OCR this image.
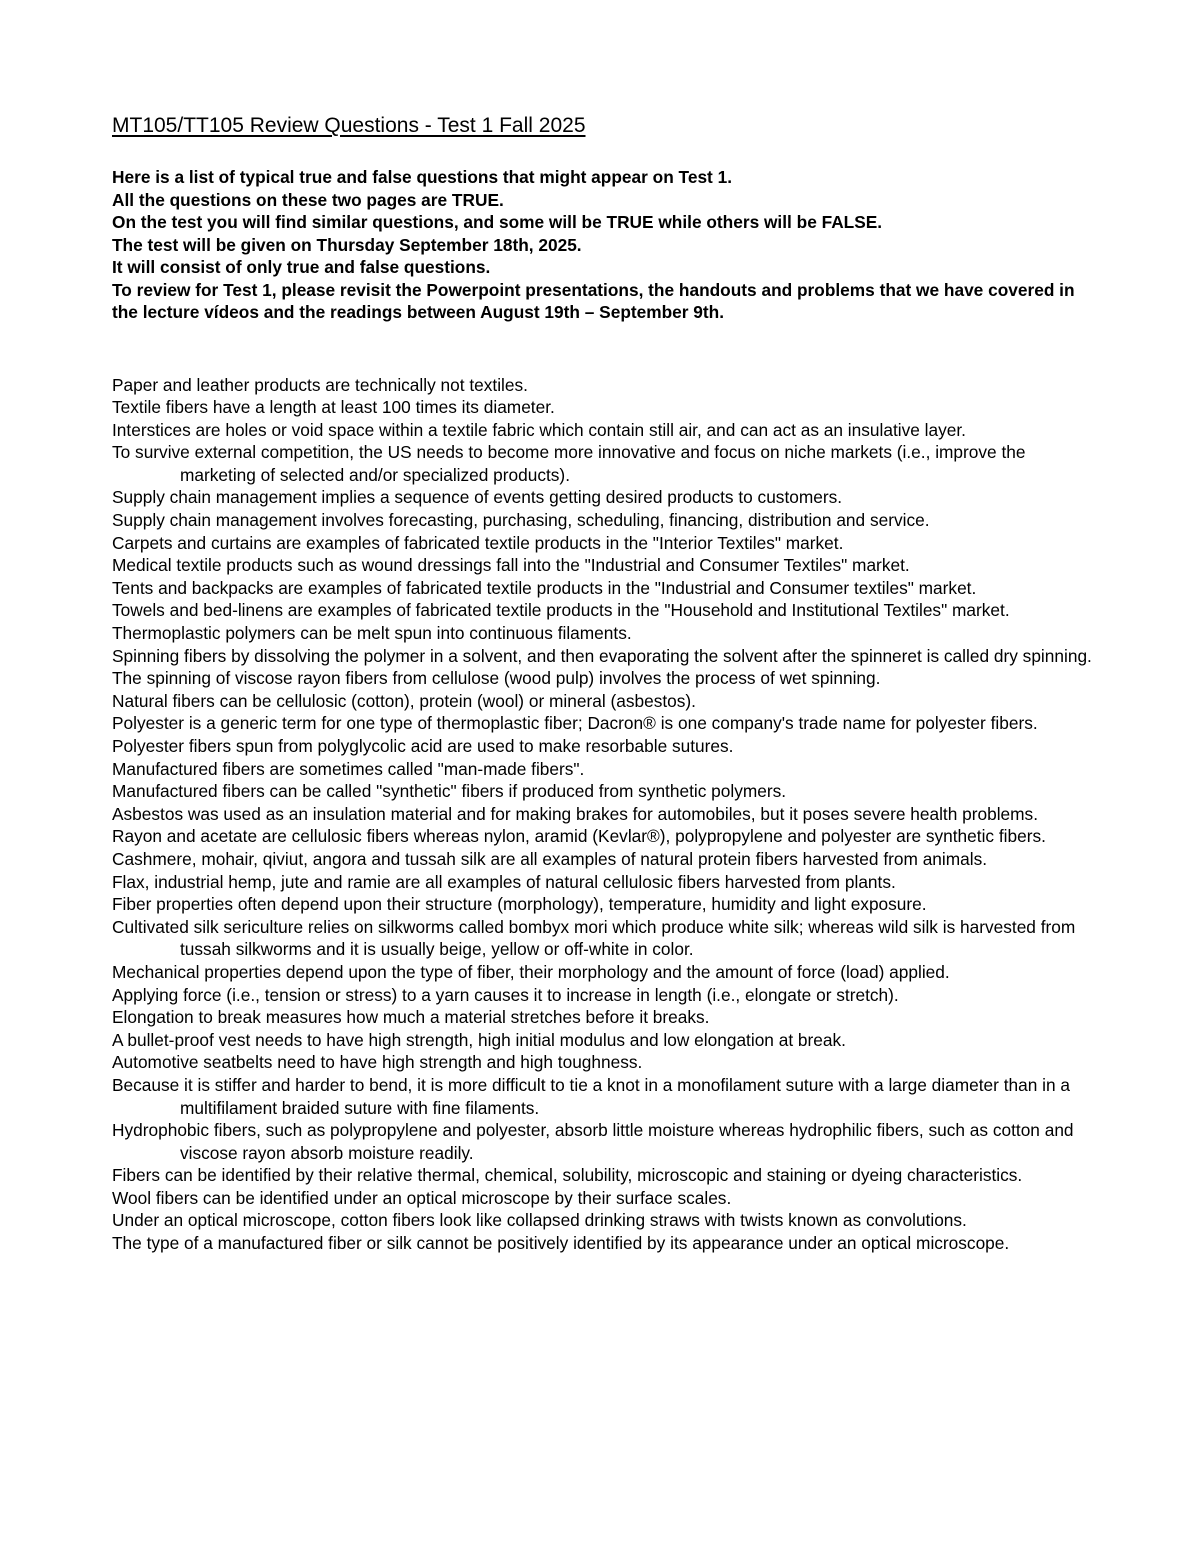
MT105/TT105 Review Questions - Test 1 Fall 2025
Here is a list of typical true and false questions that might appear on Test 1.
All the questions on these two pages are TRUE.
On the test you will find similar questions, and some will be TRUE while others will be FALSE.
The test will be given on Thursday September 18th, 2025.
It will consist of only true and false questions.
To review for Test 1, please revisit the Powerpoint presentations, the handouts and problems that we have covered in the lecture vídeos and the readings between August 19th – September 9th.
Paper and leather products are technically not textiles.
Textile fibers have a length at least 100 times its diameter.
Interstices are holes or void space within a textile fabric which contain still air, and can act as an insulative layer.
To survive external competition, the US needs to become more innovative and focus on niche markets (i.e., improve the marketing of selected and/or specialized products).
Supply chain management implies a sequence of events getting desired products to customers.
Supply chain management involves forecasting, purchasing, scheduling, financing, distribution and service.
Carpets and curtains are examples of fabricated textile products in the "Interior Textiles" market.
Medical textile products such as wound dressings fall into the "Industrial and Consumer Textiles" market.
Tents and backpacks are examples of fabricated textile products in the "Industrial and Consumer textiles" market.
Towels and bed-linens are examples of fabricated textile products in the "Household and Institutional Textiles" market.
Thermoplastic polymers can be melt spun into continuous filaments.
Spinning fibers by dissolving the polymer in a solvent, and then evaporating the solvent after the spinneret is called dry spinning.
The spinning of viscose rayon fibers from cellulose (wood pulp) involves the process of wet spinning.
Natural fibers can be cellulosic (cotton), protein (wool) or mineral (asbestos).
Polyester is a generic term for one type of thermoplastic fiber; Dacron® is one company's trade name for polyester fibers.
Polyester fibers spun from polyglycolic acid are used to make resorbable sutures.
Manufactured fibers are sometimes called "man-made fibers".
Manufactured fibers can be called "synthetic" fibers if produced from synthetic polymers.
Asbestos was used as an insulation material and for making brakes for automobiles, but it poses severe health problems.
Rayon and acetate are cellulosic fibers whereas nylon, aramid (Kevlar®), polypropylene and polyester are synthetic fibers.
Cashmere, mohair, qiviut, angora and tussah silk are all examples of natural protein fibers harvested from animals.
Flax, industrial hemp, jute and ramie are all examples of natural cellulosic fibers harvested from plants.
Fiber properties often depend upon their structure (morphology), temperature, humidity and light exposure.
Cultivated silk sericulture relies on silkworms called bombyx mori which produce white silk; whereas wild silk is harvested from tussah silkworms and it is usually beige, yellow or off-white in color.
Mechanical properties depend upon the type of fiber, their morphology and the amount of force (load) applied.
Applying force (i.e., tension or stress) to a yarn causes it to increase in length (i.e., elongate or stretch).
Elongation to break measures how much a material stretches before it breaks.
A bullet-proof vest needs to have high strength, high initial modulus and low elongation at break.
Automotive seatbelts need to have high strength and high toughness.
Because it is stiffer and harder to bend, it is more difficult to tie a knot in a monofilament suture with a large diameter than in a multifilament braided suture with fine filaments.
Hydrophobic fibers, such as polypropylene and polyester, absorb little moisture whereas hydrophilic fibers, such as cotton and viscose rayon absorb moisture readily.
Fibers can be identified by their relative thermal, chemical, solubility, microscopic and staining or dyeing characteristics.
Wool fibers can be identified under an optical microscope by their surface scales.
Under an optical microscope, cotton fibers look like collapsed drinking straws with twists known as convolutions.
The type of a manufactured fiber or silk cannot be positively identified by its appearance under an optical microscope.
